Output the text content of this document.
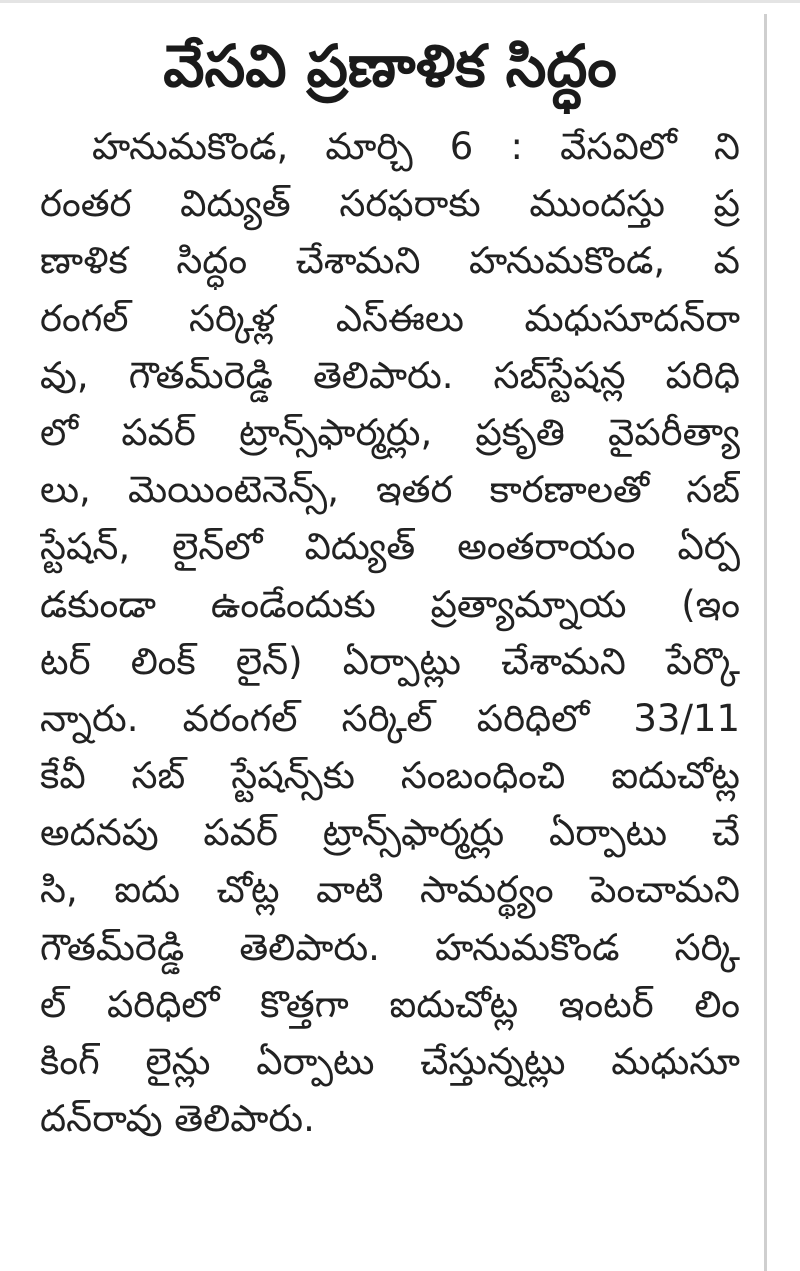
వేసవి ప్రణాళిక సిద్ధం
హనుమకొండ, మార్చి 6 : వేసవిలో ని
రంతర విద్యుత్ సరఫరాకు ముందస్తు ప్ర
ణాళిక సిద్ధం చేశామని హనుమకొండ, వ
రంగల్ సర్కిళ్ల ఎస్ఈలు మధుసూదన్‌రా
వు, గౌతమ్‌రెడ్డి తెలిపారు. సబ్‌స్టేషన్ల పరిధి
లో పవర్ ట్రాన్స్‌ఫార్మర్లు, ప్రకృతి వైపరీత్యా
లు, మెయింటెనెన్స్, ఇతర కారణాలతో సబ్
స్టేషన్, లైన్‌లో విద్యుత్ అంతరాయం ఏర్ప
డకుండా ఉండేందుకు ప్రత్యామ్నాయ (ఇం
టర్ లింక్ లైన్) ఏర్పాట్లు చేశామని పేర్కొ
న్నారు. వరంగల్ సర్కిల్ పరిధిలో 33/11
కేవీ సబ్ స్టేషన్స్‌కు సంబంధించి ఐదుచోట్ల
అదనపు పవర్ ట్రాన్స్‌ఫార్మర్లు ఏర్పాటు చే
సి, ఐదు చోట్ల వాటి సామర్థ్యం పెంచామని
గౌతమ్‌రెడ్డి తెలిపారు. హనుమకొండ సర్కి
ల్ పరిధిలో కొత్తగా ఐదుచోట్ల ఇంటర్ లిం
కింగ్ లైన్లు ఏర్పాటు చేస్తున్నట్లు మధుసూ
దన్‌రావు తెలిపారు.
